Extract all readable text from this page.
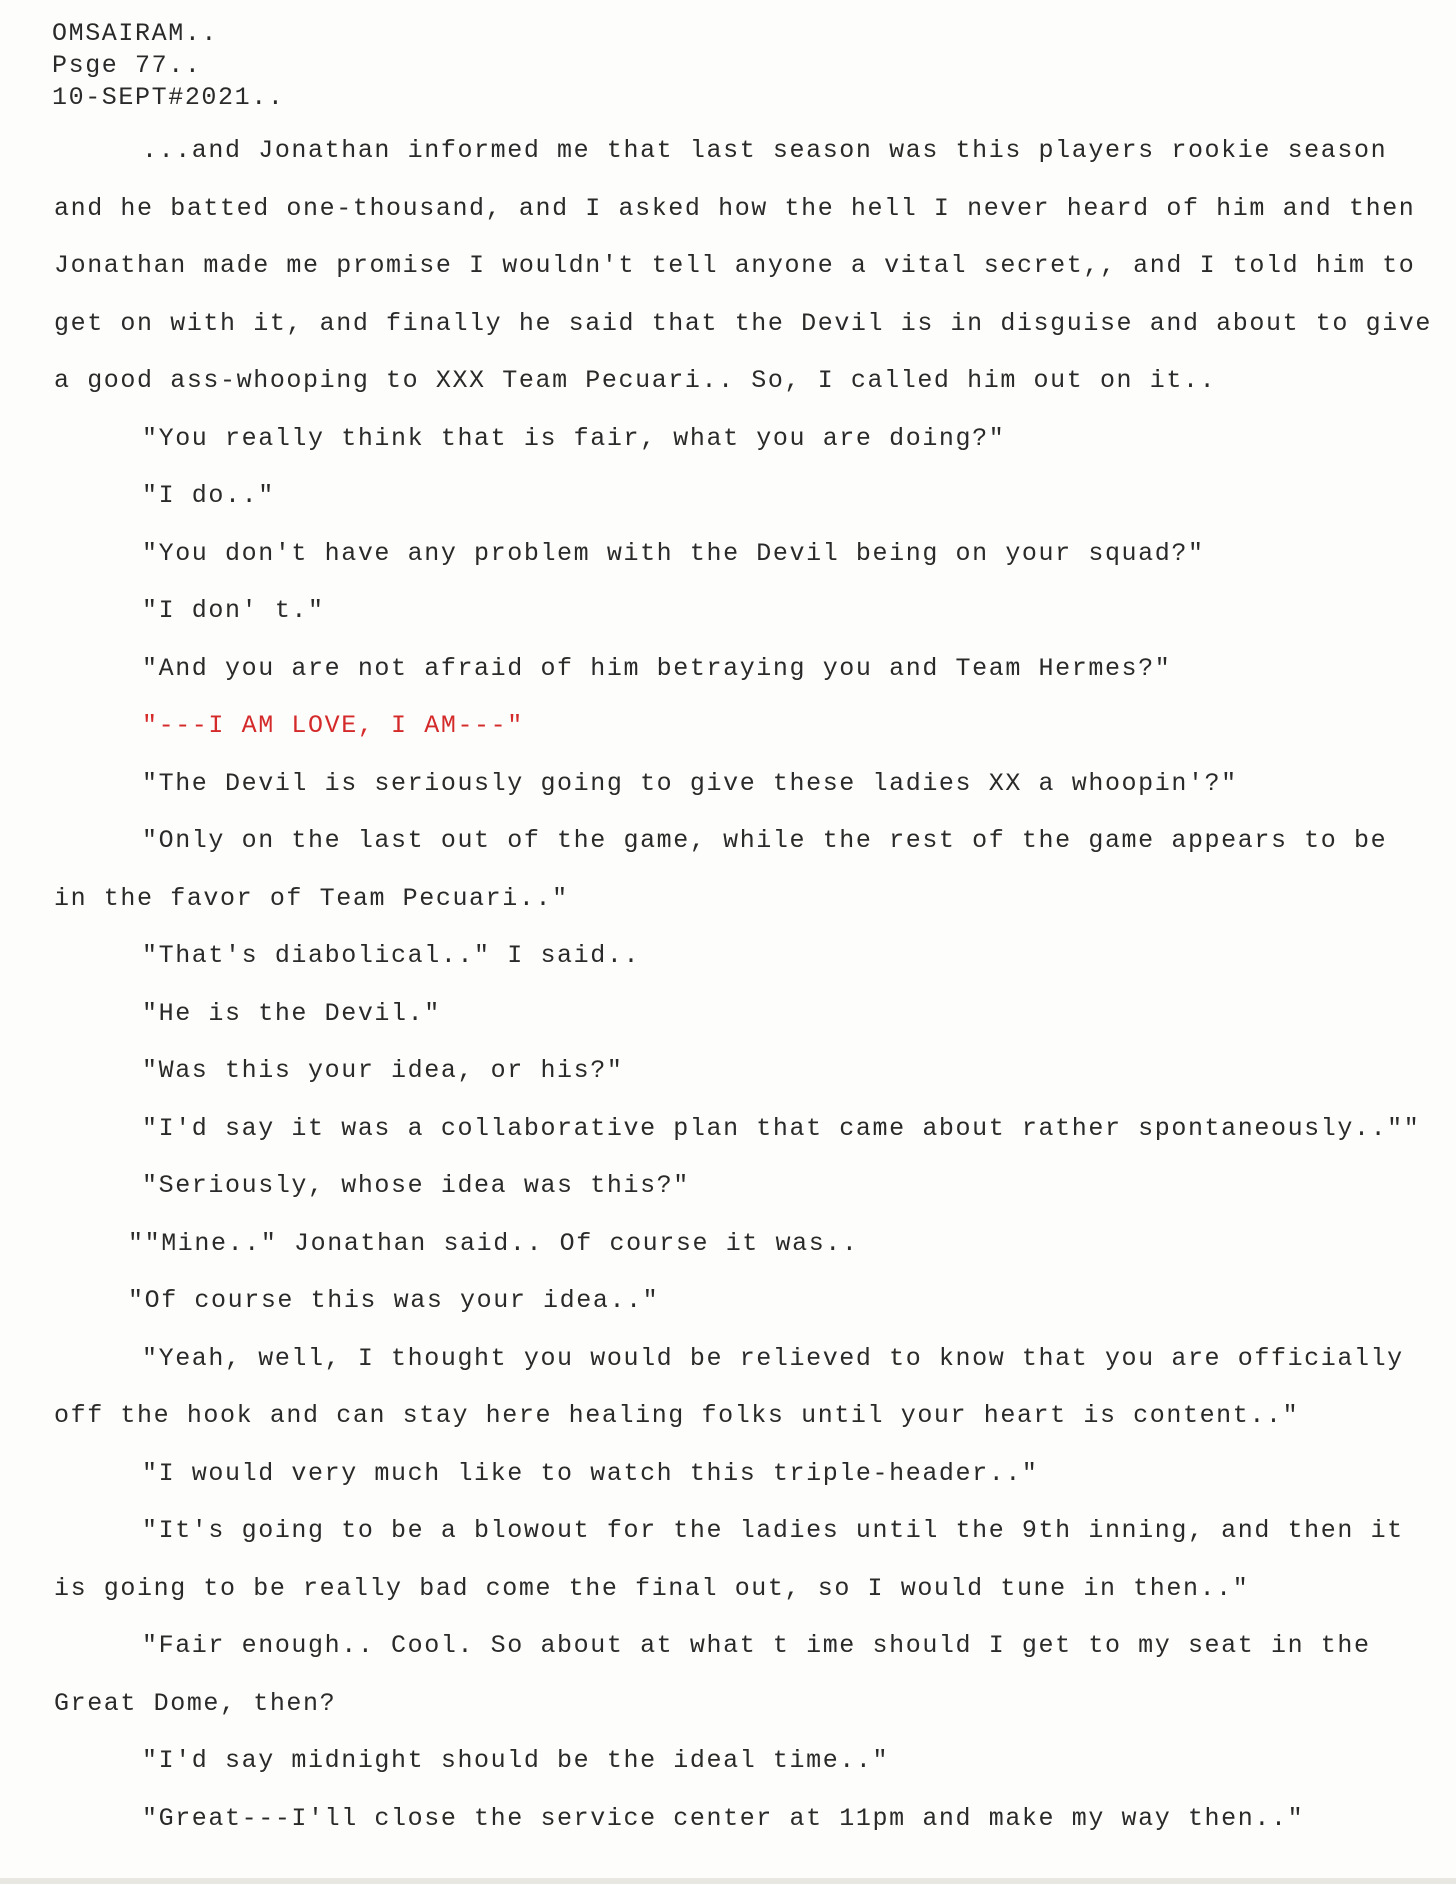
OMSAIRAM..
Psge 77..
10-SEPT#2021..

...and Jonathan informed me that last season was this players rookie season and he batted one-thousand, and I asked how the hell I never heard of him and then Jonathan made me promise I wouldn't tell anyone a vital secret,, and I told him to get on with it, and finally he said that the Devil is in disguise and about to give a good ass-whooping to XXX Team Pecuari.. So, I called him out on it..

"You really think that is fair, what you are doing?"

"I do.."

"You don't have any problem with the Devil being on your squad?"

"I don' t."

"And you are not afraid of him betraying you and Team Hermes?"

"---I AM LOVE, I AM---"

"The Devil is seriously going to give these ladies XX a whoopin'?"

"Only on the last out of the game, while the rest of the game appears to be in the favor of Team Pecuari.."

"That's diabolical.." I said..

"He is the Devil."

"Was this your idea, or his?"

"I'd say it was a collaborative plan that came about rather spontaneously..""

"Seriously, whose idea was this?"

""Mine.." Jonathan said.. Of course it was..

"Of course this was your idea.."

"Yeah, well, I thought you would be relieved to know that you are officially off the hook and can stay here healing folks until your heart is content.."

"I would very much like to watch this triple-header.."

"It's going to be a blowout for the ladies until the 9th inning, and then it is going to be really bad come the final out, so I would tune in then.."

"Fair enough.. Cool. So about at what t ime should I get to my seat in the Great Dome, then?

"I'd say midnight should be the ideal time.."

"Great---I'll close the service center at 11pm and make my way then.."
